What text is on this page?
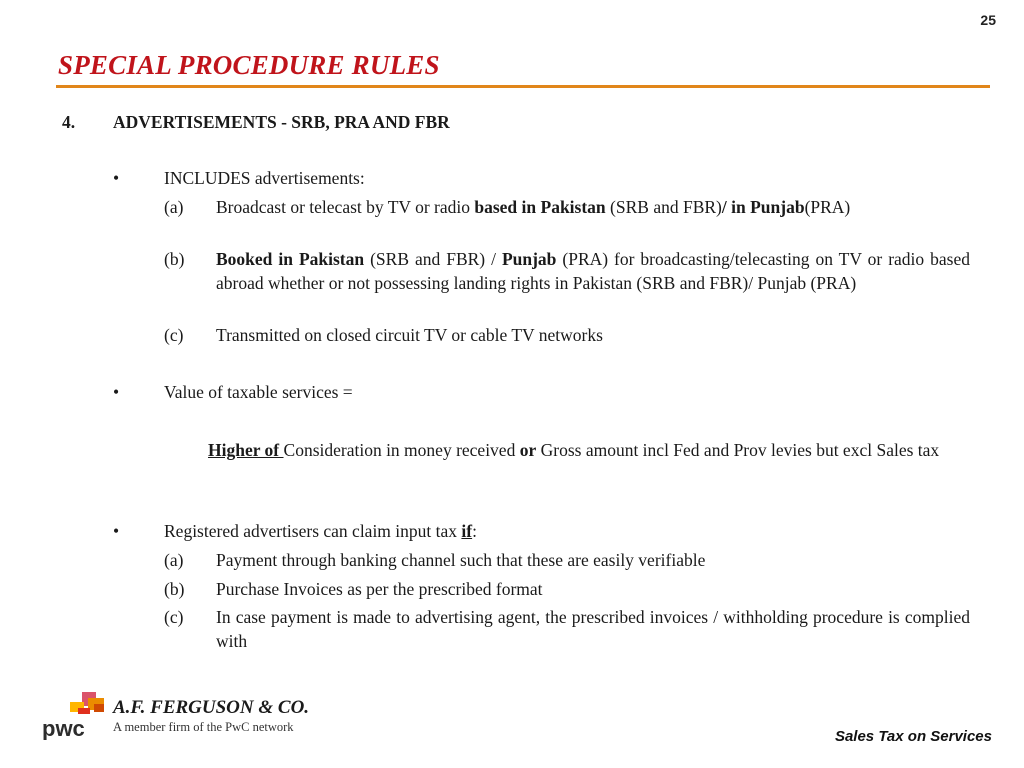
25
SPECIAL PROCEDURE RULES
4. ADVERTISEMENTS - SRB, PRA AND FBR
•	INCLUDES advertisements:
(a) Broadcast or telecast by TV or radio based in Pakistan (SRB and FBR)/ in Punjab(PRA)
(b) Booked in Pakistan (SRB and FBR) / Punjab (PRA) for broadcasting/telecasting on TV or radio based abroad whether or not possessing landing rights in Pakistan (SRB and FBR)/ Punjab (PRA)
(c) Transmitted on closed circuit TV or cable TV networks
•	Value of taxable services =
Higher of Consideration in money received or Gross amount incl Fed and Prov levies but excl Sales tax
•	Registered advertisers can claim input tax if:
(a) Payment through banking channel such that these are easily verifiable
(b) Purchase Invoices as per the prescribed format
(c) In case payment is made to advertising agent, the prescribed invoices / withholding procedure is complied with
pwc
A.F. FERGUSON & CO.
A member firm of the PwC network
Sales Tax on Services
